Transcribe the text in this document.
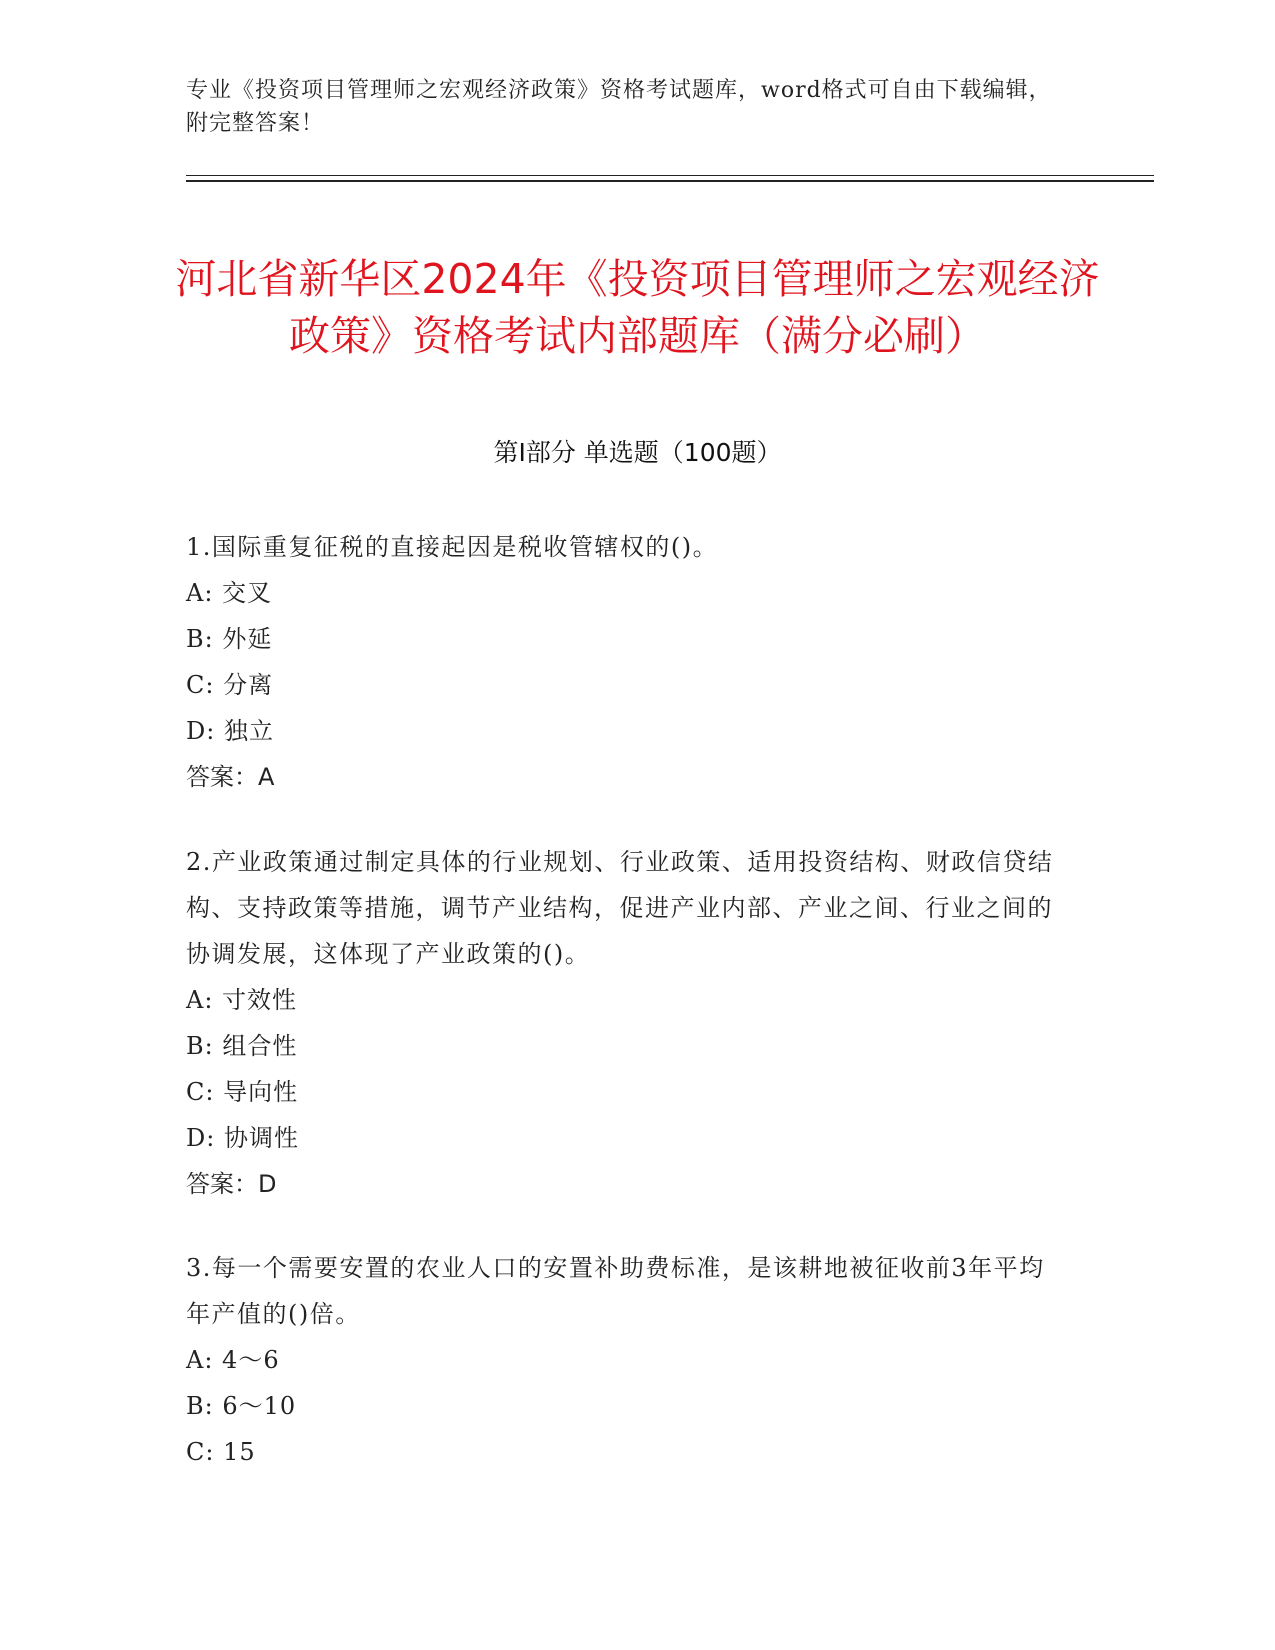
专业《投资项目管理师之宏观经济政策》资格考试题库，word格式可自由下载编辑，附完整答案！
河北省新华区2024年《投资项目管理师之宏观经济政策》资格考试内部题库（满分必刷）
第I部分 单选题（100题）

1.国际重复征税的直接起因是税收管辖权的()。

A: 交叉

B: 外延

C: 分离

D: 独立

答案：A

2.产业政策通过制定具体的行业规划、行业政策、适用投资结构、财政信贷结构、支持政策等措施，调节产业结构，促进产业内部、产业之间、行业之间的协调发展，这体现了产业政策的()。

A: 寸效性

B: 组合性

C: 导向性

D: 协调性

答案：D

3.每一个需要安置的农业人口的安置补助费标准，是该耕地被征收前3年平均年产值的()倍。

A: 4～6

B: 6～10

C: 15
